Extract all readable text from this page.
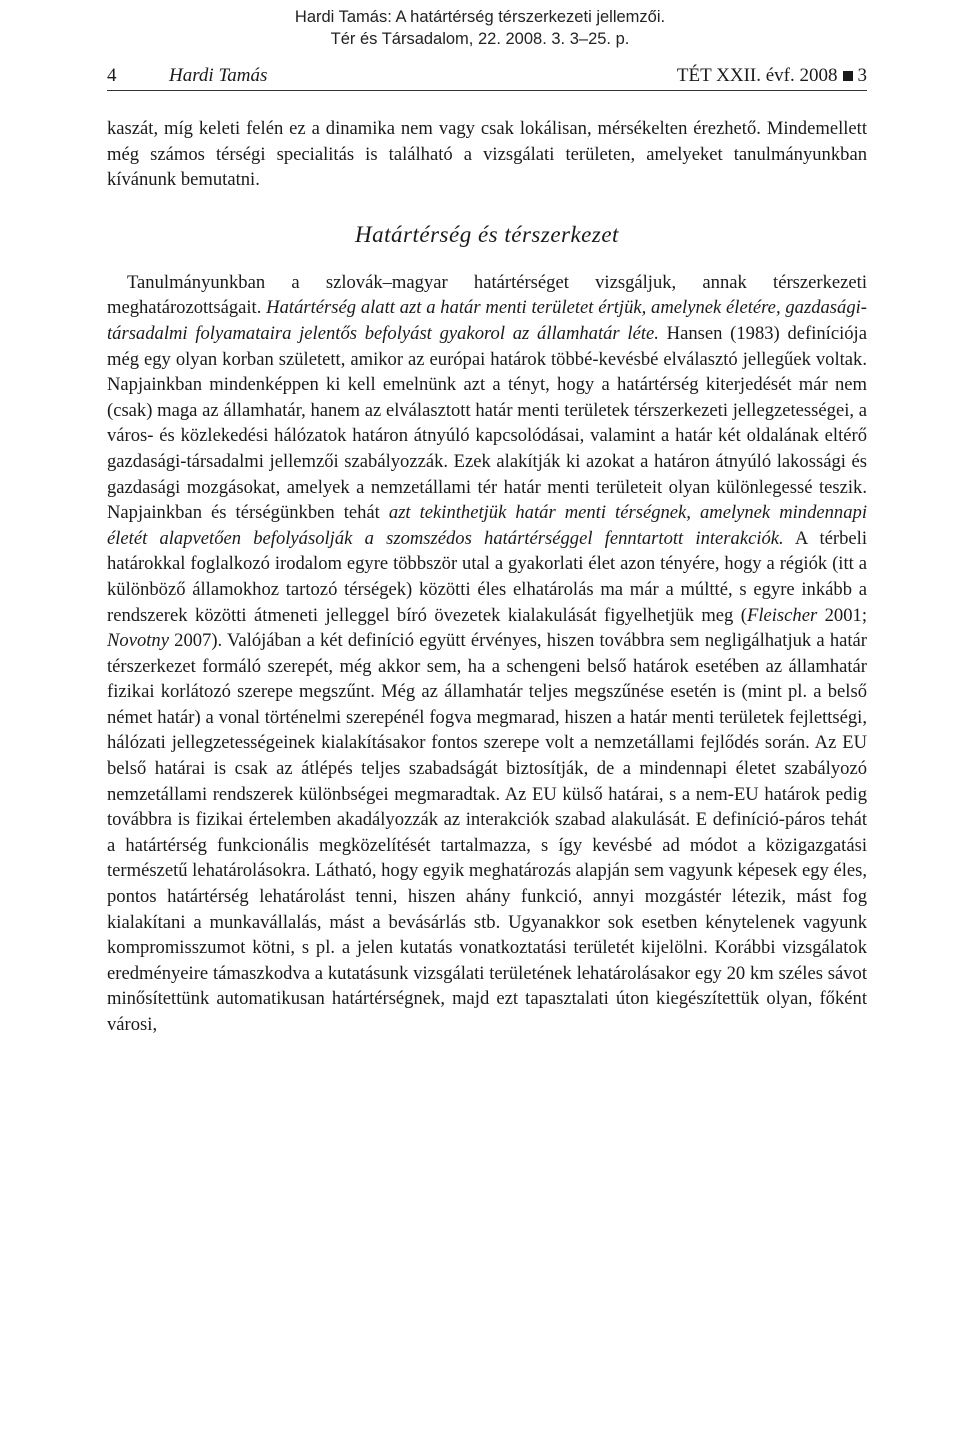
Hardi Tamás: A határtérség térszerkezeti jellemzői.
Tér és Társadalom, 22. 2008. 3. 3–25. p.
4	Hardi Tamás	TÉT XXII. évf. 2008 3

kaszát, míg keleti felén ez a dinamika nem vagy csak lokálisan, mérsékelten érezhető. Mindemellett még számos térségi specialitás is található a vizsgálati területen, amelyeket tanulmányunkban kívánunk bemutatni.

Határtérség és térszerkezet

Tanulmányunkban a szlovák–magyar határtérséget vizsgáljuk, annak térszerkezeti meghatározottságait. Határtérség alatt azt a határ menti területet értjük, amelynek életére, gazdasági-társadalmi folyamataira jelentős befolyást gyakorol az államhatár léte. Hansen (1983) definíciója még egy olyan korban született, amikor az európai határok többé-kevésbé elválasztó jellegűek voltak. Napjainkban mindenképpen ki kell emelnünk azt a tényt, hogy a határtérség kiterjedését már nem (csak) maga az államhatár, hanem az elválasztott határ menti területek térszerkezeti jellegzetességei, a város- és közlekedési hálózatok határon átnyúló kapcsolódásai, valamint a határ két oldalának eltérő gazdasági-társadalmi jellemzői szabályozzák. Ezek alakítják ki azokat a határon átnyúló lakossági és gazdasági mozgásokat, amelyek a nemzetállami tér határ menti területeit olyan különlegessé teszik. Napjainkban és térségünkben tehát azt tekinthetjük határ menti térségnek, amelynek mindennapi életét alapvetően befolyásolják a szomszédos határtérséggel fenntartott interakciók. A térbeli határokkal foglalkozó irodalom egyre többször utal a gyakorlati élet azon tényére, hogy a régiók (itt a különböző államokhoz tartozó térségek) közötti éles elhatárolás ma már a múltté, s egyre inkább a rendszerek közötti átmeneti jelleggel bíró övezetek kialakulását figyelhetjük meg (Fleischer 2001; Novotny 2007). Valójában a két definíció együtt érvényes, hiszen továbbra sem negligálhatjuk a határ térszerkezet formáló szerepét, még akkor sem, ha a schengeni belső határok esetében az államhatár fizikai korlátozó szerepe megszűnt. Még az államhatár teljes megszűnése esetén is (mint pl. a belső német határ) a vonal történelmi szerepénél fogva megmarad, hiszen a határ menti területek fejlettségi, hálózati jellegzetességeinek kialakításakor fontos szerepe volt a nemzetállami fejlődés során. Az EU belső határai is csak az átlépés teljes szabadságát biztosítják, de a mindennapi életet szabályozó nemzetállami rendszerek különbségei megmaradtak. Az EU külső határai, s a nem-EU határok pedig továbbra is fizikai értelemben akadályozzák az interakciók szabad alakulását. E definíció-páros tehát a határtérség funkcionális megközelítését tartalmazza, s így kevésbé ad módot a közigazgatási természetű lehatárolásokra. Látható, hogy egyik meghatározás alapján sem vagyunk képesek egy éles, pontos határtérség lehatárolást tenni, hiszen ahány funkció, annyi mozgástér létezik, mást fog kialakítani a munkavállalás, mást a bevásárlás stb. Ugyanakkor sok esetben kénytelenek vagyunk kompromisszumot kötni, s pl. a jelen kutatás vonatkoztatási területét kijelölni. Korábbi vizsgálatok eredményeire támaszkodva a kutatásunk vizsgálati területének lehatárolásakor egy 20 km széles sávot minősítettünk automatikusan határtérségnek, majd ezt tapasztalati úton kiegészítettük olyan, főként városi,
